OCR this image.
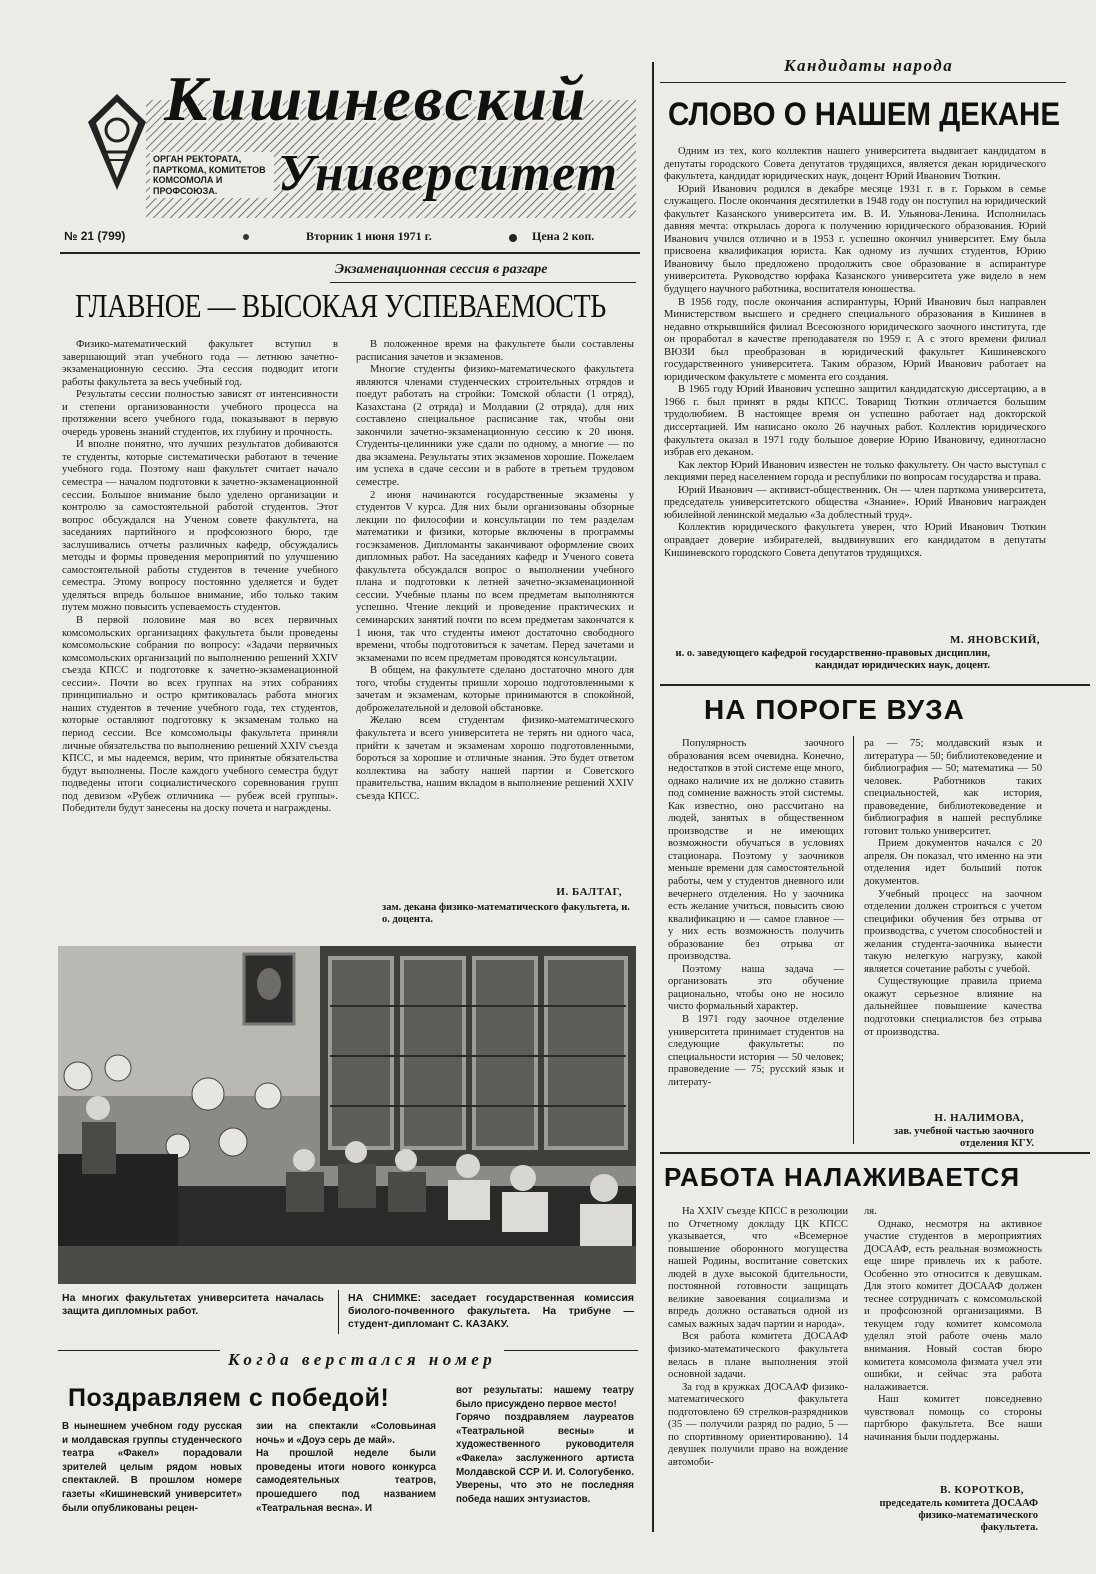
Кишиневский
ОРГАН РЕКТОРАТА, ПАРТКОМА, КОМИТЕТОВ КОМСОМОЛА И ПРОФСОЮЗА.	Университет
№ 21 (799)	Вторник 1 июня 1971 г.	Цена 2 коп.
Экзаменационная сессия в разгаре
ГЛАВНОЕ — ВЫСОКАЯ УСПЕВАЕМОСТЬ

Физико-математический факультет вступил в завершающий этап учебного года — летнюю зачетно-экзаменационную сессию. Эта сессия подводит итоги работы факультета за весь учебный год.

Результаты сессии полностью зависят от интенсивности и степени организованности учебного процесса на протяжении всего учебного года, показывают в первую очередь уровень знаний студентов, их глубину и прочность.

И вполне понятно, что лучших результатов добиваются те студенты, которые систематически работают в течение учебного года. Поэтому наш факультет считает начало семестра — началом подготовки к зачетно-экзаменационной сессии. Большое внимание было уделено организации и контролю за самостоятельной работой студентов. Этот вопрос обсуждался на Ученом совете факультета, на заседаниях партийного и профсоюзного бюро, где заслушивались отчеты различных кафедр, обсуждались методы и формы проведения мероприятий по улучшению самостоятельной работы студентов в течение учебного семестра. Этому вопросу постоянно уделяется и будет уделяться впредь большое внимание, ибо только таким путем можно повысить успеваемость студентов.

В первой половине мая во всех первичных комсомольских организациях факультета были проведены комсомольские собрания по вопросу: «Задачи первичных комсомольских организаций по выполнению решений XXIV съезда КПСС и подготовке к зачетно-экзаменационной сессии». Почти во всех группах на этих собраниях принципиально и остро критиковалась работа многих наших студентов в течение учебного года, тех студентов, которые оставляют подготовку к экзаменам только на период сессии. Все комсомольцы факультета приняли личные обязательства по выполнению решений XXIV съезда КПСС, и мы надеемся, верим, что принятые обязательства будут выполнены. После каждого учебного семестра будут подведены итоги социалистического соревнования групп под девизом «Рубеж отличника — рубеж всей группы». Победители будут занесены на доску почета и награждены.

В положенное время на факультете были составлены расписания зачетов и экзаменов.

Многие студенты физико-математического факультета являются членами студенческих строительных отрядов и поедут работать на стройки: Томской области (1 отряд), Казахстана (2 отряда) и Молдавии (2 отряда), для них составлено специальное расписание так, чтобы они закончили зачетно-экзаменационную сессию к 20 июня. Студенты-целинники уже сдали по одному, а многие — по два экзамена. Результаты этих экзаменов хорошие. Пожелаем им успеха в сдаче сессии и в работе в третьем трудовом семестре.

2 июня начинаются государственные экзамены у студентов V курса. Для них были организованы обзорные лекции по философии и консультации по тем разделам математики и физики, которые включены в программы госэкзаменов. Дипломанты заканчивают оформление своих дипломных работ. На заседаниях кафедр и Ученого совета факультета обсуждался вопрос о выполнении учебного плана и подготовки к летней зачетно-экзаменационной сессии. Учебные планы по всем предметам выполняются успешно. Чтение лекций и проведение практических и семинарских занятий почти по всем предметам закончатся к 1 июня, так что студенты имеют достаточно свободного времени, чтобы подготовиться к зачетам. Перед зачетами и экзаменами по всем предметам проводятся консультации.

В общем, на факультете сделано достаточно много для того, чтобы студенты пришли хорошо подготовленными к зачетам и экзаменам, которые принимаются в спокойной, доброжелательной и деловой обстановке.

Желаю всем студентам физико-математического факультета и всего университета не терять ни одного часа, прийти к зачетам и экзаменам хорошо подготовленными, бороться за хорошие и отличные знания. Это будет ответом коллектива на заботу нашей партии и Советского правительства, нашим вкладом в выполнение решений XXIV съезда КПСС.

И. БАЛТАГ,
зам. декана физико-математического факультета, и. о. доцента.
На многих факультетах университета началась защита дипломных работ.
НА СНИМКЕ: заседает государственная комиссия биолого-почвенного факультета. На трибуне — студент-дипломант С. КАЗАКУ.
Когда верстался номер
Поздравляем с победой!
В нынешнем учебном году русская и молдавская группы студенческого театра «Факел» порадовали зрителей целым рядом новых спектаклей. В прошлом номере газеты «Кишиневский университет» были опубликованы рецен-
зии на спектакли «Соловьиная ночь» и «Доуэ серь де май».
На прошлой неделе были проведены итоги нового конкурса самодеятельных театров, прошедшего под названием «Театральная весна». И
вот результаты: нашему театру было присуждено первое место!
Горячо поздравляем лауреатов «Театральной весны» и художественного руководителя «Факела» заслуженного артиста Молдавской ССР И. И. Сологубенко. Уверены, что это не последняя победа наших энтузиастов.
Кандидаты народа
СЛОВО О НАШЕМ ДЕКАНЕ

Одним из тех, кого коллектив нашего университета выдвигает кандидатом в депутаты городского Совета депутатов трудящихся, является декан юридического факультета, кандидат юридических наук, доцент Юрий Иванович Тюткин.

Юрий Иванович родился в декабре месяце 1931 г. в г. Горьком в семье служащего. После окончания десятилетки в 1948 году он поступил на юридический факультет Казанского университета им. В. И. Ульянова-Ленина. Исполнилась давняя мечта: открылась дорога к получению юридического образования. Юрий Иванович учился отлично и в 1953 г. успешно окончил университет. Ему была присвоена квалификация юриста. Как одному из лучших студентов, Юрию Ивановичу было предложено продолжить свое образование в аспирантуре университета. Руководство юрфака Казанского университета уже видело в нем будущего научного работника, воспитателя юношества.

В 1956 году, после окончания аспирантуры, Юрий Иванович был направлен Министерством высшего и среднего специального образования в Кишинев в недавно открывшийся филиал Всесоюзного юридического заочного института, где он проработал в качестве преподавателя по 1959 г. А с этого времени филиал ВЮЗИ был преобразован в юридический факультет Кишиневского государственного университета. Таким образом, Юрий Иванович работает на юридическом факультете с момента его создания.

В 1965 году Юрий Иванович успешно защитил кандидатскую диссертацию, а в 1966 г. был принят в ряды КПСС. Товарищ Тюткин отличается большим трудолюбием. В настоящее время он успешно работает над докторской диссертацией. Им написано около 26 научных работ. Коллектив юридического факультета оказал в 1971 году большое доверие Юрию Ивановичу, единогласно избрав его деканом.

Как лектор Юрий Иванович известен не только факультету. Он часто выступал с лекциями перед населением города и республики по вопросам государства и права.

Юрий Иванович — активист-общественник. Он — член парткома университета, председатель университетского общества «Знание». Юрий Иванович награжден юбилейной ленинской медалью «За доблестный труд».

Коллектив юридического факультета уверен, что Юрий Иванович Тюткин оправдает доверие избирателей, выдвинувших его кандидатом в депутаты Кишиневского городского Совета депутатов трудящихся.

М. ЯНОВСКИЙ,
и. о. заведующего кафедрой государственно-правовых дисциплин, кандидат юридических наук, доцент.
НА ПОРОГЕ ВУЗА

Популярность заочного образования всем очевидна. Конечно, недостатков в этой системе еще много, однако наличие их не должно ставить под сомнение важность этой системы. Как известно, оно рассчитано на людей, занятых в общественном производстве и не имеющих возможности обучаться в условиях стационара. Поэтому у заочников меньше времени для самостоятельной работы, чем у студентов дневного или вечернего отделения. Но у заочника есть желание учиться, повысить свою квалификацию и — самое главное — у них есть возможность получить образование без отрыва от производства.

Поэтому наша задача — организовать это обучение рационально, чтобы оно не носило чисто формальный характер.

В 1971 году заочное отделение университета принимает студентов на следующие факультеты: по специальности история — 50 человек; правоведение — 75; русский язык и литерату-

ра — 75; молдавский язык и литература — 50; библиотековедение и библиография — 50; математика — 50 человек. Работников таких специальностей, как история, правоведение, библиотековедение и библиография в нашей республике готовит только университет.

Прием документов начался с 20 апреля. Он показал, что именно на эти отделения идет больший поток документов.

Учебный процесс на заочном отделении должен строиться с учетом специфики обучения без отрыва от производства, с учетом способностей и желания студента-заочника вынести такую нелегкую нагрузку, какой является сочетание работы с учебой.

Существующие правила приема окажут серьезное влияние на дальнейшее повышение качества подготовки специалистов без отрыва от производства.

Н. НАЛИМОВА,
зав. учебной частью заочного отделения КГУ.
РАБОТА НАЛАЖИВАЕТСЯ

На XXIV съезде КПСС в резолюции по Отчетному докладу ЦК КПСС указывается, что «Всемерное повышение оборонного могущества нашей Родины, воспитание советских людей в духе высокой бдительности, постоянной готовности защищать великие завоевания социализма и впредь должно оставаться одной из самых важных задач партии и народа».

Вся работа комитета ДОСААФ физико-математического факультета велась в плане выполнения этой основной задачи.

За год в кружках ДОСААФ физико-математического факультета подготовлено 69 стрелков-разрядников (35 — получили разряд по радио, 5 — по спортивному ориентированию). 14 девушек получили право на вождение автомоби-

ля.

Однако, несмотря на активное участие студентов в мероприятиях ДОСААФ, есть реальная возможность еще шире привлечь их к работе. Особенно это относится к девушкам. Для этого комитет ДОСААФ должен теснее сотрудничать с комсомольской и профсоюзной организациями. В текущем году комитет комсомола уделял этой работе очень мало внимания. Новый состав бюро комитета комсомола физмата учел эти ошибки, и сейчас эта работа налаживается.

Наш комитет повседневно чувствовал помощь со стороны партбюро факультета. Все наши начинания были поддержаны.

В. КОРОТКОВ,
председатель комитета ДОСААФ физико-математического факультета.
